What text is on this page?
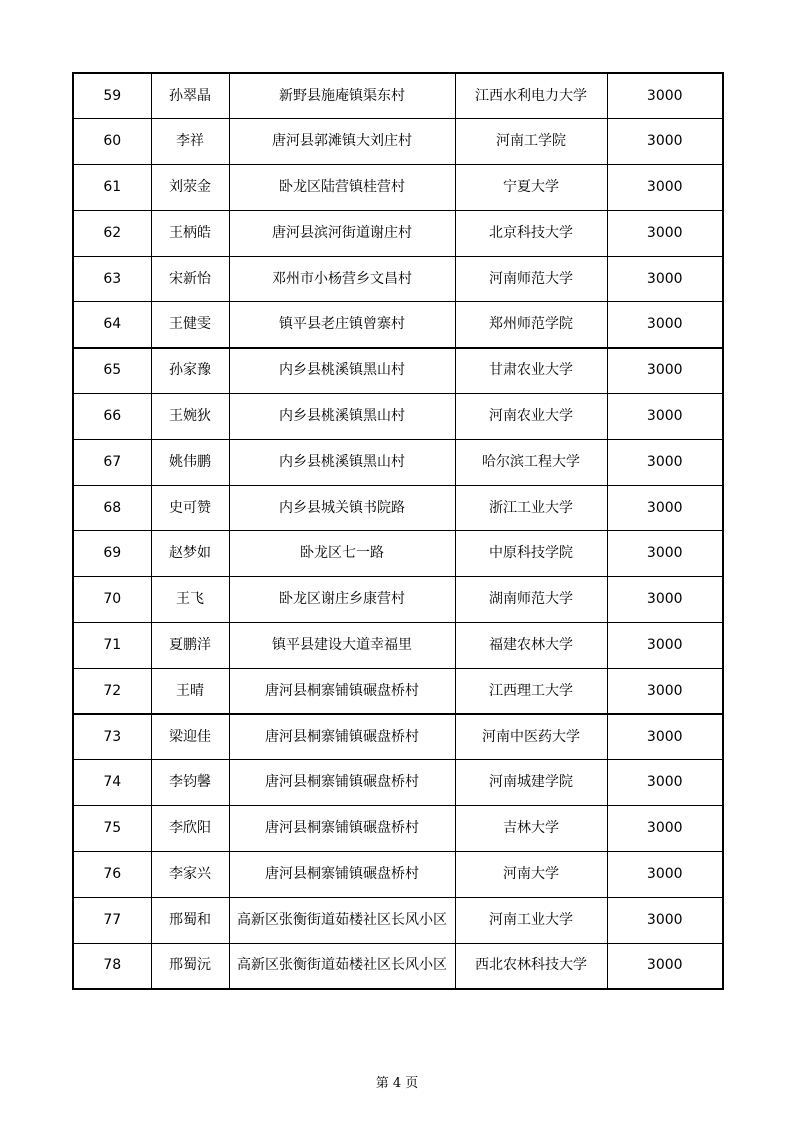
59	孙翠晶	新野县施庵镇渠东村	江西水利电力大学	3000
60	李祥	唐河县郭滩镇大刘庄村	河南工学院	3000
61	刘荥金	卧龙区陆营镇桂营村	宁夏大学	3000
62	王柄皓	唐河县滨河街道谢庄村	北京科技大学	3000
63	宋新怡	邓州市小杨营乡文昌村	河南师范大学	3000
64	王健雯	镇平县老庄镇曾寨村	郑州师范学院	3000
65	孙家豫	内乡县桃溪镇黑山村	甘肃农业大学	3000
66	王婉狄	内乡县桃溪镇黑山村	河南农业大学	3000
67	姚伟鹏	内乡县桃溪镇黑山村	哈尔滨工程大学	3000
68	史可赞	内乡县城关镇书院路	浙江工业大学	3000
69	赵梦如	卧龙区七一路	中原科技学院	3000
70	王飞	卧龙区谢庄乡康营村	湖南师范大学	3000
71	夏鹏洋	镇平县建设大道幸福里	福建农林大学	3000
72	王晴	唐河县桐寨铺镇碾盘桥村	江西理工大学	3000
73	梁迎佳	唐河县桐寨铺镇碾盘桥村	河南中医药大学	3000
74	李钧馨	唐河县桐寨铺镇碾盘桥村	河南城建学院	3000
75	李欣阳	唐河县桐寨铺镇碾盘桥村	吉林大学	3000
76	李家兴	唐河县桐寨铺镇碾盘桥村	河南大学	3000
77	邢蜀和	高新区张衡街道茹楼社区长风小区	河南工业大学	3000
78	邢蜀沅	高新区张衡街道茹楼社区长风小区	西北农林科技大学	3000
第 4 页
